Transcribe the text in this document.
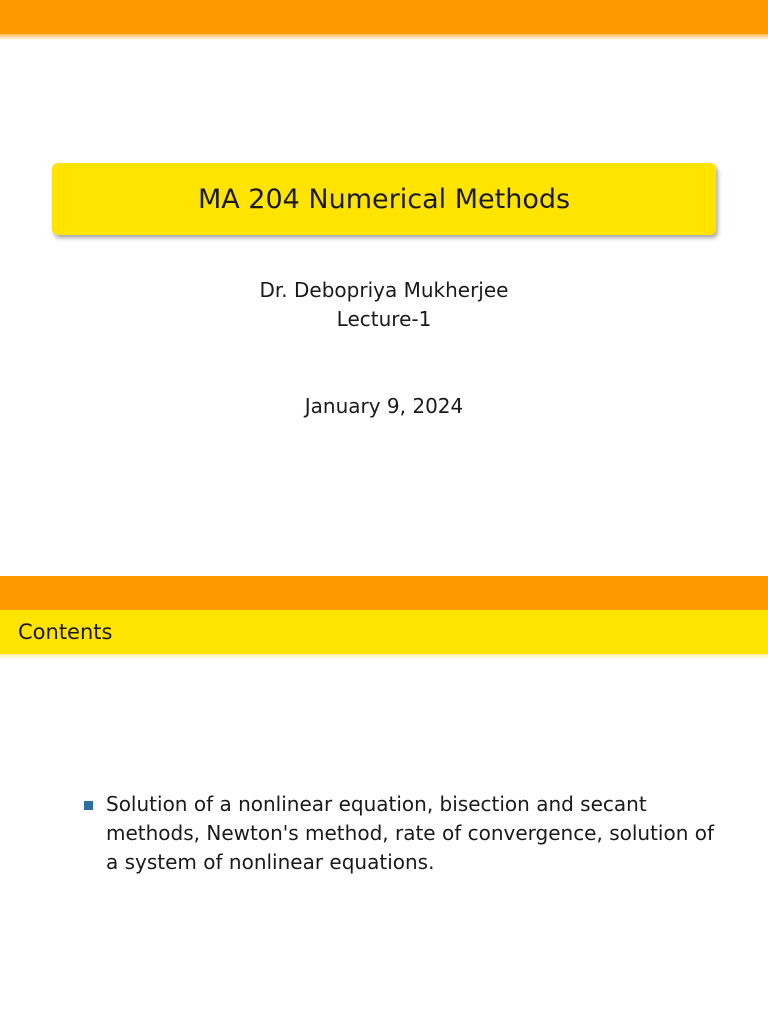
MA 204 Numerical Methods
Dr. Debopriya Mukherjee
Lecture-1
January 9, 2024
Contents
Solution of a nonlinear equation, bisection and secant methods, Newton's method, rate of convergence, solution of a system of nonlinear equations.
